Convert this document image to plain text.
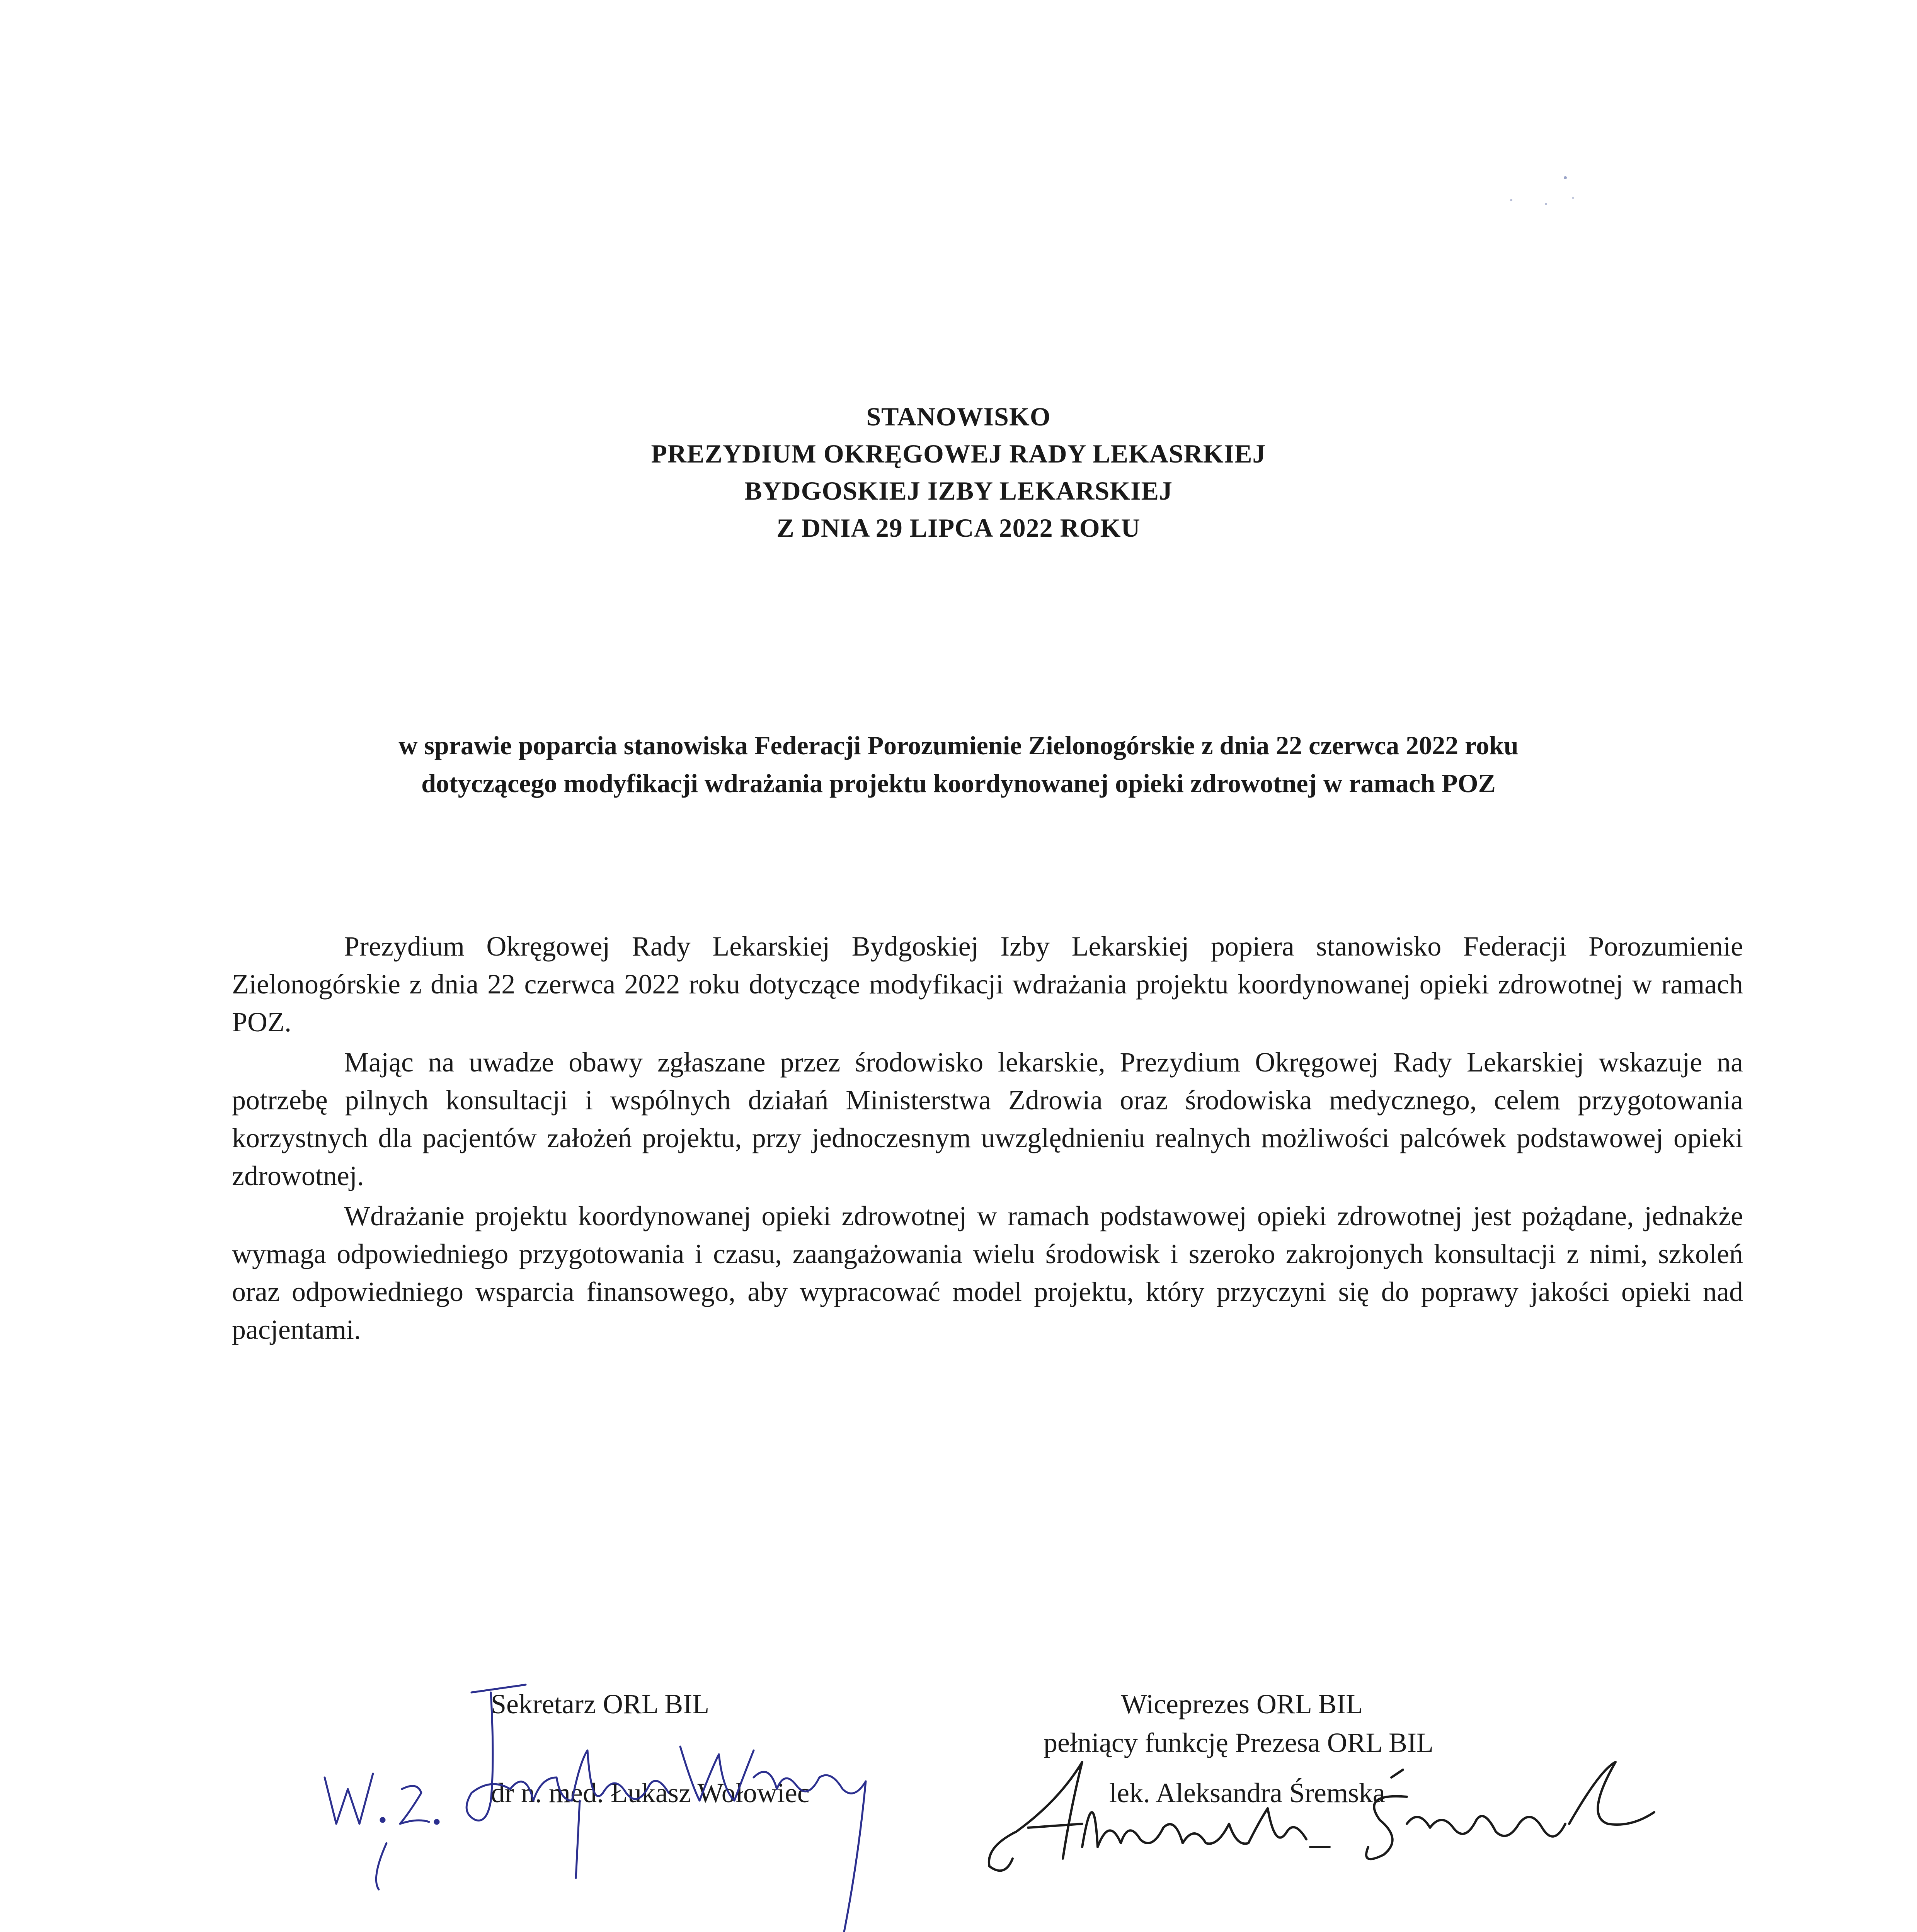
STANOWISKO
PREZYDIUM OKRĘGOWEJ RADY LEKASRKIEJ
BYDGOSKIEJ IZBY LEKARSKIEJ
Z DNIA 29 LIPCA 2022 ROKU
w sprawie poparcia stanowiska Federacji Porozumienie Zielonogórskie z dnia 22 czerwca 2022 roku
dotyczącego modyfikacji wdrażania projektu koordynowanej opieki zdrowotnej w ramach POZ

Prezydium Okręgowej Rady Lekarskiej Bydgoskiej Izby Lekarskiej popiera stanowisko Federacji Porozumienie Zielonogórskie z dnia 22 czerwca 2022 roku dotyczące modyfikacji wdrażania projektu koordynowanej opieki zdrowotnej w ramach POZ.

Mając na uwadze obawy zgłaszane przez środowisko lekarskie, Prezydium Okręgowej Rady Lekarskiej wskazuje na potrzebę pilnych konsultacji i wspólnych działań Ministerstwa Zdrowia oraz środowiska medycznego, celem przygotowania korzystnych dla pacjentów założeń projektu, przy jednoczesnym uwzględnieniu realnych możliwości palcówek podstawowej opieki zdrowotnej.

Wdrażanie projektu koordynowanej opieki zdrowotnej w ramach podstawowej opieki zdrowotnej jest pożądane, jednakże wymaga odpowiedniego przygotowania i czasu, zaangażowania wielu środowisk i szeroko zakrojonych konsultacji z nimi, szkoleń oraz odpowiedniego wsparcia finansowego, aby wypracować model projektu, który przyczyni się do poprawy jakości opieki nad pacjentami.

Sekretarz ORL BIL
dr n. med. Łukasz Wołowiec
Wiceprezes ORL BIL
pełniący funkcję Prezesa ORL BIL
lek. Aleksandra Śremska
